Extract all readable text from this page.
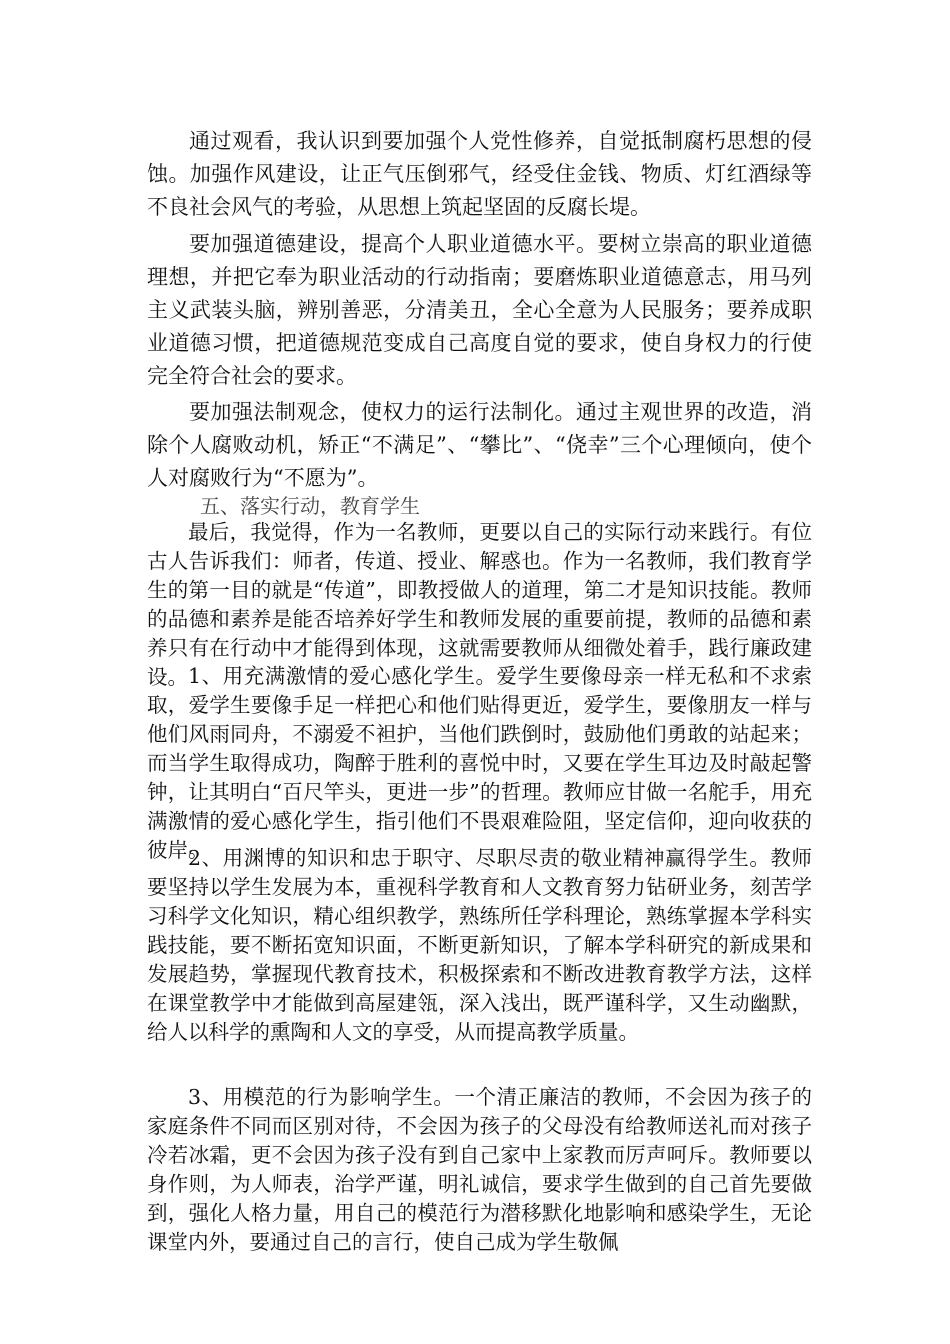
通过观看，我认识到要加强个人党性修养，自觉抵制腐朽思想的侵蚀。加强作风建设，让正气压倒邪气，经受住金钱、物质、灯红酒绿等不良社会风气的考验，从思想上筑起坚固的反腐长堤。

要加强道德建设，提高个人职业道德水平。要树立崇高的职业道德理想，并把它奉为职业活动的行动指南；要磨炼职业道德意志，用马列主义武装头脑，辨别善恶，分清美丑，全心全意为人民服务；要养成职业道德习惯，把道德规范变成自己高度自觉的要求，使自身权力的行使完全符合社会的要求。

要加强法制观念，使权力的运行法制化。通过主观世界的改造，消除个人腐败动机，矫正“不满足”、“攀比”、“侥幸”三个心理倾向，使个人对腐败行为“不愿为”。

五、落实行动，教育学生

最后，我觉得，作为一名教师，更要以自己的实际行动来践行。有位古人告诉我们：师者，传道、授业、解惑也。作为一名教师，我们教育学生的第一目的就是“传道”，即教授做人的道理，第二才是知识技能。教师的品德和素养是能否培养好学生和教师发展的重要前提，教师的品德和素养只有在行动中才能得到体现，这就需要教师从细微处着手，践行廉政建设。 1、用充满激情的爱心感化学生。爱学生要像母亲一样无私和不求索取，爱学生要像手足一样把心和他们贴得更近，爱学生，要像朋友一样与他们风雨同舟，不溺爱不袒护，当他们跌倒时，鼓励他们勇敢的站起来；而当学生取得成功，陶醉于胜利的喜悦中时，又要在学生耳边及时敲起警钟，让其明白“百尺竿头，更进一步”的哲理。教师应甘做一名舵手，用充满激情的爱心感化学生，指引他们不畏艰难险阻，坚定信仰，迎向收获的彼岸。

2、用渊博的知识和忠于职守、尽职尽责的敬业精神赢得学生。教师要坚持以学生发展为本，重视科学教育和人文教育努力钻研业务，刻苦学习科学文化知识，精心组织教学，熟练所任学科理论，熟练掌握本学科实践技能，要不断拓宽知识面，不断更新知识，了解本学科研究的新成果和发展趋势，掌握现代教育技术，积极探索和不断改进教育教学方法，这样在课堂教学中才能做到高屋建瓴，深入浅出，既严谨科学，又生动幽默，给人以科学的熏陶和人文的享受，从而提高教学质量。

3、用模范的行为影响学生。一个清正廉洁的教师，不会因为孩子的家庭条件不同而区别对待，不会因为孩子的父母没有给教师送礼而对孩子冷若冰霜，更不会因为孩子没有到自己家中上家教而厉声呵斥。教师要以身作则，为人师表，治学严谨，明礼诚信，要求学生做到的自己首先要做到，强化人格力量，用自己的模范行为潜移默化地影响和感染学生，无论课堂内外，要通过自己的言行，使自己成为学生敬佩
